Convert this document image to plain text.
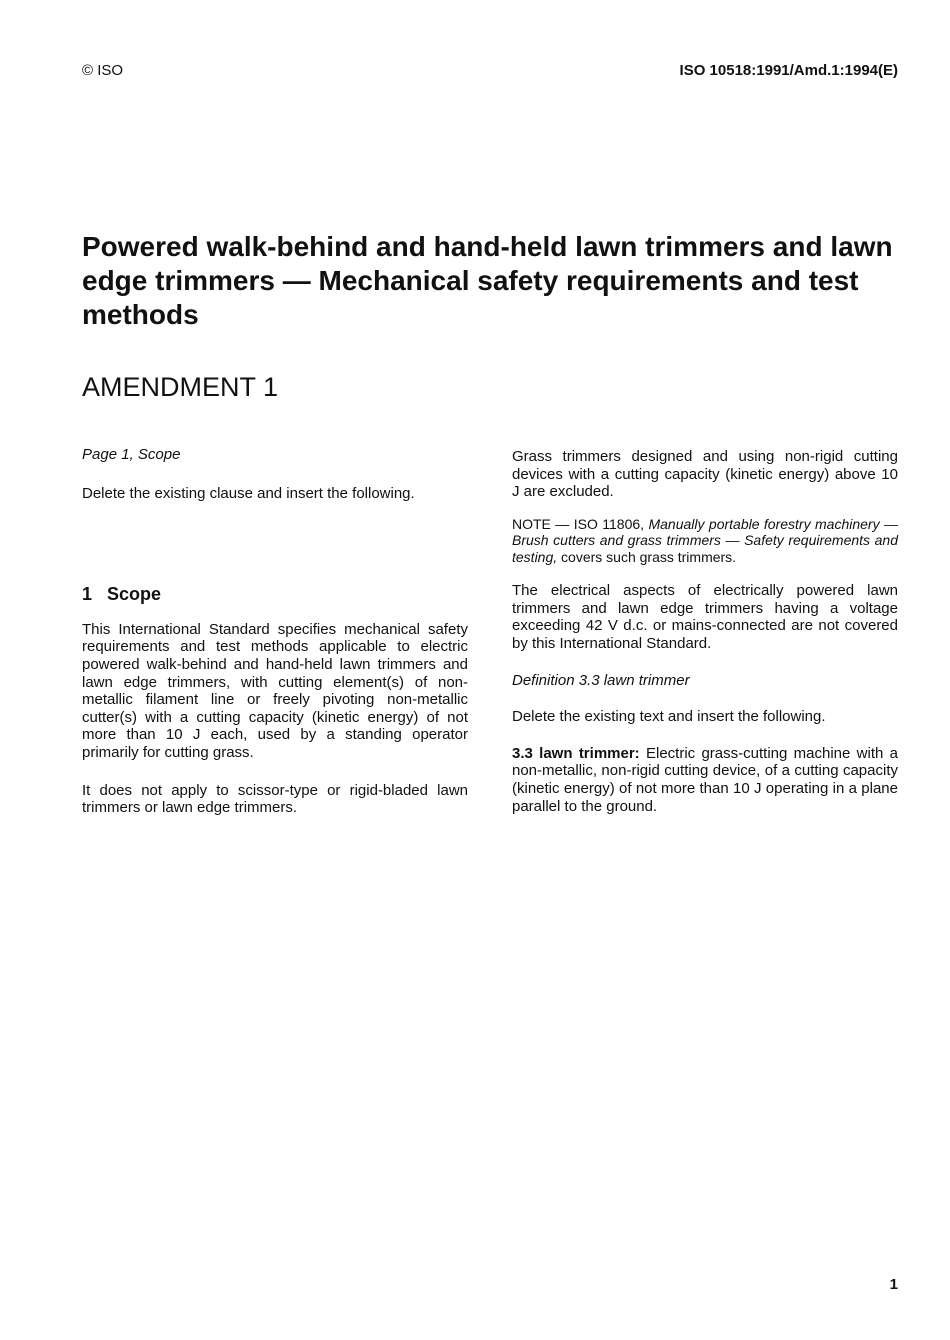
© ISO	ISO 10518:1991/Amd.1:1994(E)
Powered walk-behind and hand-held lawn trimmers and lawn edge trimmers — Mechanical safety requirements and test methods
AMENDMENT 1

Page 1, Scope

Delete the existing clause and insert the following.

1 Scope

This International Standard specifies mechanical safety requirements and test methods applicable to electric powered walk-behind and hand-held lawn trimmers and lawn edge trimmers, with cutting element(s) of non-metallic filament line or freely pivoting non-metallic cutter(s) with a cutting capacity (kinetic energy) of not more than 10 J each, used by a standing operator primarily for cutting grass.

It does not apply to scissor-type or rigid-bladed lawn trimmers or lawn edge trimmers.

Grass trimmers designed and using non-rigid cutting devices with a cutting capacity (kinetic energy) above 10 J are excluded.

NOTE — ISO 11806, Manually portable forestry machinery — Brush cutters and grass trimmers — Safety requirements and testing, covers such grass trimmers.

The electrical aspects of electrically powered lawn trimmers and lawn edge trimmers having a voltage exceeding 42 V d.c. or mains-connected are not covered by this International Standard.

Definition 3.3 lawn trimmer

Delete the existing text and insert the following.

3.3 lawn trimmer: Electric grass-cutting machine with a non-metallic, non-rigid cutting device, of a cutting capacity (kinetic energy) of not more than 10 J operating in a plane parallel to the ground.

1
